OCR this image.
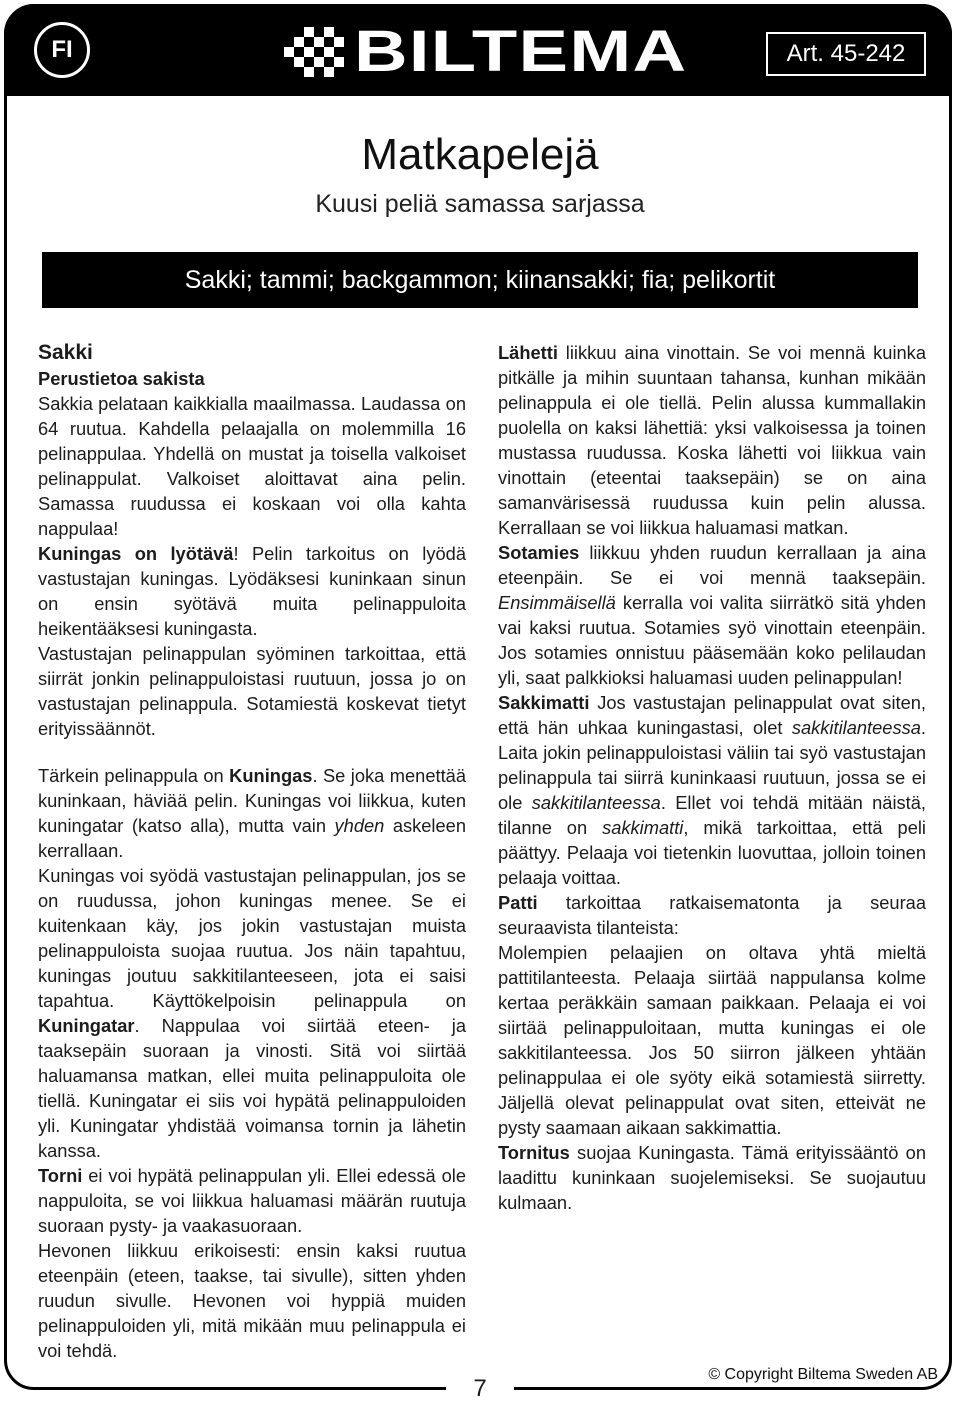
FI	BILTEMA	Art. 45-242
Matkapelejä
Kuusi peliä samassa sarjassa
Sakki; tammi; backgammon; kiinansakki; fia; pelikortit
Sakki
Perustietoa sakista

Sakkia pelataan kaikkialla maailmassa. Laudassa on 64 ruutua. Kahdella pelaajalla on molemmilla 16 pelinappulaa. Yhdellä on mustat ja toisella valkoiset pelinappulat. Valkoiset aloittavat aina pelin. Samassa ruudussa ei koskaan voi olla kahta nappulaa!

Kuningas on lyötävä! Pelin tarkoitus on lyödä vastustajan kuningas. Lyödäksesi kuninkaan sinun on ensin syötävä muita pelinappuloita heikentääksesi kuningasta.

Vastustajan pelinappulan syöminen tarkoittaa, että siirrät jonkin pelinappuloistasi ruutuun, jossa jo on vastustajan pelinappula. Sotamiestä koskevat tietyt erityissäännöt.

Tärkein pelinappula on Kuningas. Se joka menettää kuninkaan, häviää pelin. Kuningas voi liikkua, kuten kuningatar (katso alla), mutta vain yhden askeleen kerrallaan.

Kuningas voi syödä vastustajan pelinappulan, jos se on ruudussa, johon kuningas menee. Se ei kuitenkaan käy, jos jokin vastustajan muista pelinappuloista suojaa ruutua. Jos näin tapahtuu, kuningas joutuu sakkitilanteeseen, jota ei saisi tapahtua. Käyttökelpoisin pelinappula on Kuningatar. Nappulaa voi siirtää eteen- ja taaksepäin suoraan ja vinosti. Sitä voi siirtää haluamansa matkan, ellei muita pelinappuloita ole tiellä. Kuningatar ei siis voi hypätä pelinappuloiden yli. Kuningatar yhdistää voimansa tornin ja lähetin kanssa.

Torni ei voi hypätä pelinappulan yli. Ellei edessä ole nappuloita, se voi liikkua haluamasi määrän ruutuja suoraan pysty- ja vaakasuoraan.

Hevonen liikkuu erikoisesti: ensin kaksi ruutua eteenpäin (eteen, taakse, tai sivulle), sitten yhden ruudun sivulle. Hevonen voi hyppiä muiden pelinappuloiden yli, mitä mikään muu pelinappula ei voi tehdä.

Lähetti liikkuu aina vinottain. Se voi mennä kuinka pitkälle ja mihin suuntaan tahansa, kunhan mikään pelinappula ei ole tiellä. Pelin alussa kummallakin puolella on kaksi lähettiä: yksi valkoisessa ja toinen mustassa ruudussa. Koska lähetti voi liikkua vain vinottain (eteentai taaksepäin) se on aina samanvärisessä ruudussa kuin pelin alussa. Kerrallaan se voi liikkua haluamasi matkan.

Sotamies liikkuu yhden ruudun kerrallaan ja aina eteenpäin. Se ei voi mennä taaksepäin. Ensimmäisellä kerralla voi valita siirrätkö sitä yhden vai kaksi ruutua. Sotamies syö vinottain eteenpäin. Jos sotamies onnistuu pääsemään koko pelilaudan yli, saat palkkioksi haluamasi uuden pelinappulan!

Sakkimatti Jos vastustajan pelinappulat ovat siten, että hän uhkaa kuningastasi, olet sakkitilanteessa. Laita jokin pelinappuloistasi väliin tai syö vastustajan pelinappula tai siirrä kuninkaasi ruutuun, jossa se ei ole sakkitilanteessa. Ellet voi tehdä mitään näistä, tilanne on sakkimatti, mikä tarkoittaa, että peli päättyy. Pelaaja voi tietenkin luovuttaa, jolloin toinen pelaaja voittaa.

Patti tarkoittaa ratkaisematonta ja seuraa seuraavista tilanteista:

Molempien pelaajien on oltava yhtä mieltä pattitilanteesta. Pelaaja siirtää nappulansa kolme kertaa peräkkäin samaan paikkaan. Pelaaja ei voi siirtää pelinappuloitaan, mutta kuningas ei ole sakkitilanteessa. Jos 50 siirron jälkeen yhtään pelinappulaa ei ole syöty eikä sotamiestä siirretty. Jäljellä olevat pelinappulat ovat siten, etteivät ne pysty saamaan aikaan sakkimattia.

Tornitus suojaa Kuningasta. Tämä erityissääntö on laadittu kuninkaan suojelemiseksi. Se suojautuu kulmaan.

7
© Copyright Biltema Sweden AB
